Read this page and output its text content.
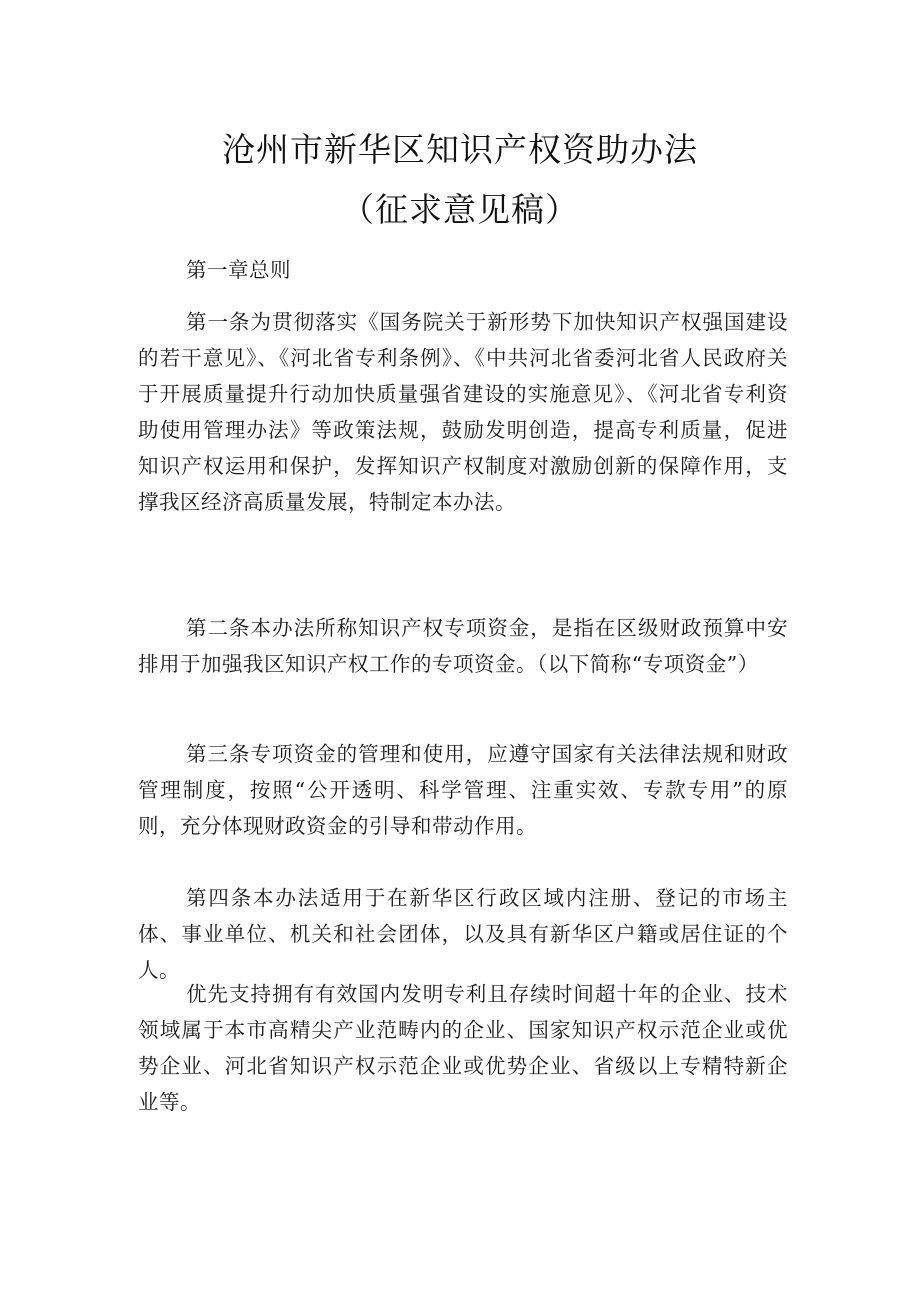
沧州市新华区知识产权资助办法
（征求意见稿）

第一章总则

第一条为贯彻落实《国务院关于新形势下加快知识产权强国建设的若干意见》、《河北省专利条例》、《中共河北省委河北省人民政府关于开展质量提升行动加快质量强省建设的实施意见》、《河北省专利资助使用管理办法》等政策法规，鼓励发明创造，提高专利质量，促进知识产权运用和保护，发挥知识产权制度对激励创新的保障作用，支撑我区经济高质量发展，特制定本办法。

第二条本办法所称知识产权专项资金，是指在区级财政预算中安排用于加强我区知识产权工作的专项资金。（以下简称“专项资金”）

第三条专项资金的管理和使用，应遵守国家有关法律法规和财政管理制度，按照“公开透明、科学管理、注重实效、专款专用”的原则，充分体现财政资金的引导和带动作用。

第四条本办法适用于在新华区行政区域内注册、登记的市场主体、事业单位、机关和社会团体，以及具有新华区户籍或居住证的个人。

优先支持拥有有效国内发明专利且存续时间超十年的企业、技术领域属于本市高精尖产业范畴内的企业、国家知识产权示范企业或优势企业、河北省知识产权示范企业或优势企业、省级以上专精特新企业等。
